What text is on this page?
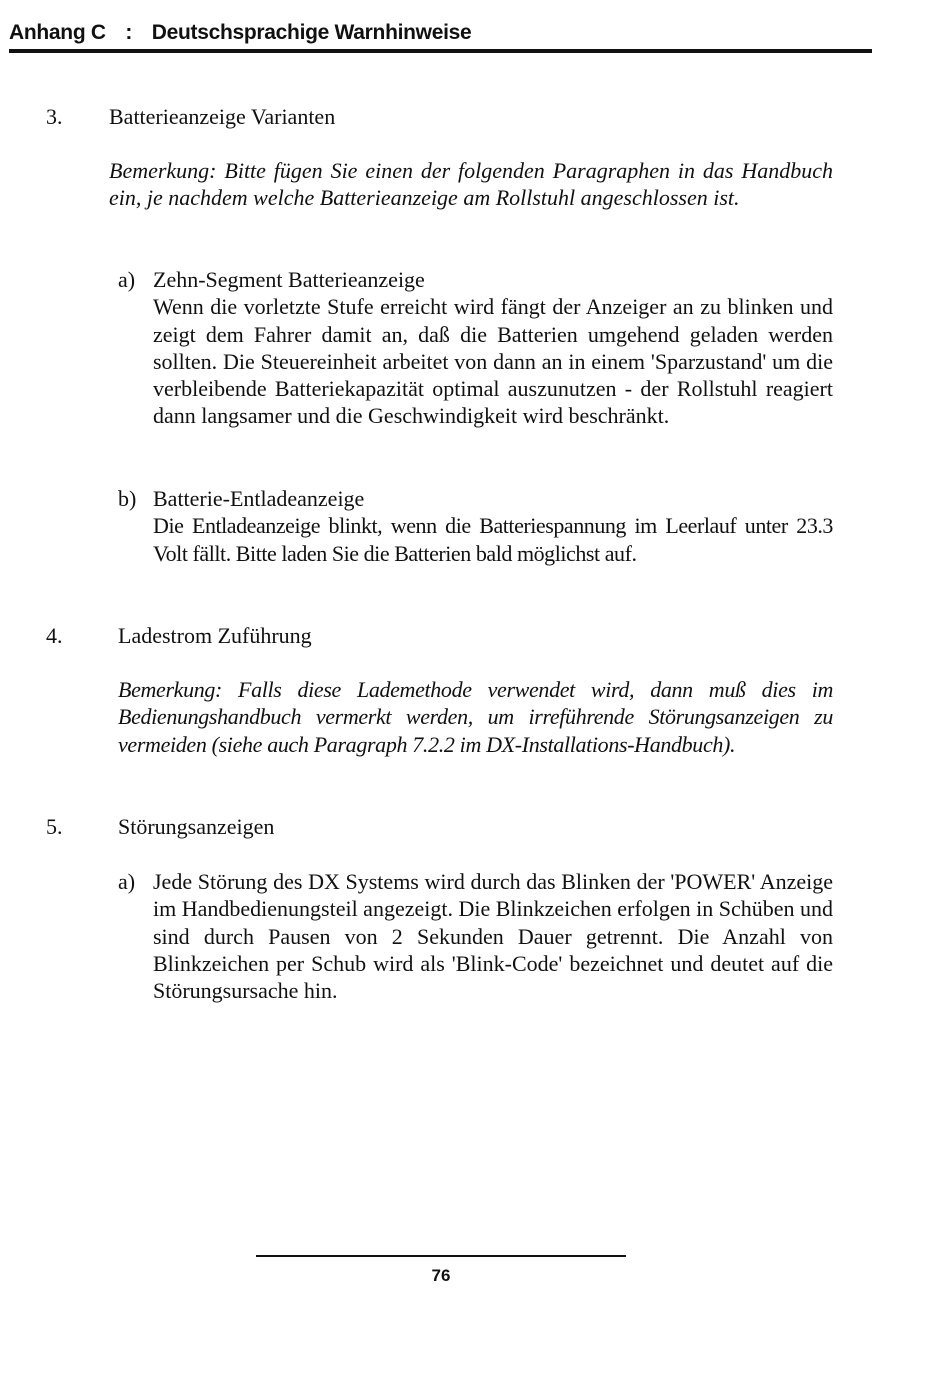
Anhang C : Deutschsprachige Warnhinweise
3. Batterieanzeige Varianten
Bemerkung: Bitte fügen Sie einen der folgenden Paragraphen in das Handbuch ein, je nachdem welche Batterieanzeige am Rollstuhl angeschlossen ist.
a) Zehn-Segment Batterieanzeige
Wenn die vorletzte Stufe erreicht wird fängt der Anzeiger an zu blinken und zeigt dem Fahrer damit an, daß die Batterien umgehend geladen werden sollten. Die Steuereinheit arbeitet von dann an in einem 'Sparzustand' um die verbleibende Batteriekapazität optimal auszunutzen - der Rollstuhl reagiert dann langsamer und die Geschwindigkeit wird beschränkt.
b) Batterie-Entladeanzeige
Die Entladeanzeige blinkt, wenn die Batteriespannung im Leerlauf unter 23.3 Volt fällt. Bitte laden Sie die Batterien bald möglichst auf.
4.	Ladestrom Zuführung
Bemerkung: Falls diese Lademethode verwendet wird, dann muß dies im Bedienungshandbuch vermerkt werden, um irreführende Störungsanzeigen zu vermeiden (siehe auch Paragraph 7.2.2 im DX-Installations-Handbuch).
5.	Störungsanzeigen
a) Jede Störung des DX Systems wird durch das Blinken der 'POWER' Anzeige im Handbedienungsteil angezeigt. Die Blinkzeichen erfolgen in Schüben und sind durch Pausen von 2 Sekunden Dauer getrennt. Die Anzahl von Blinkzeichen per Schub wird als 'Blink-Code' bezeichnet und deutet auf die Störungsursache hin.
76
